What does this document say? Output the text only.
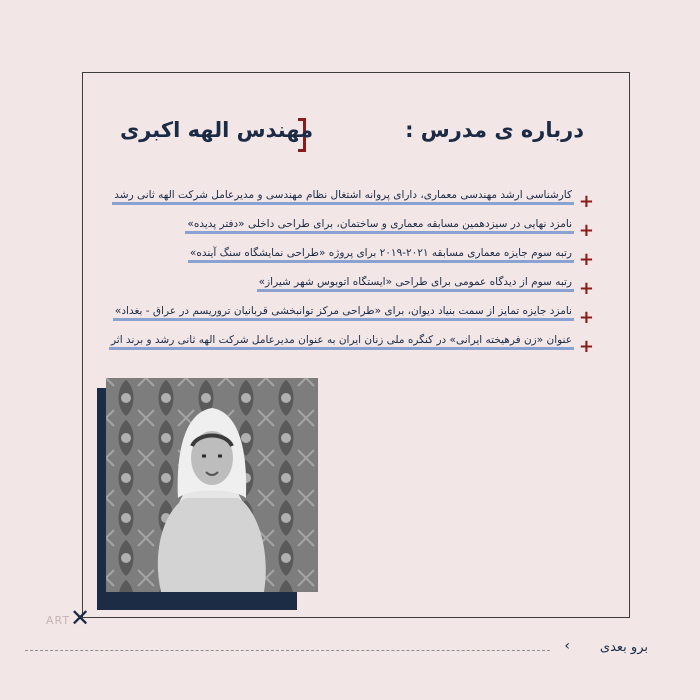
درباره ی مدرس :
مهندس الهه اکبری
+
کارشناسی ارشد مهندسی معماری، دارای پروانه اشتغال نظام مهندسی و مدیرعامل شرکت الهه ثانی رشد
+
نامزد نهایی در سیزدهمین مسابقه معماری و ساختمان، برای طراحی داخلی «دفتر پدیده»
+
رتبه سوم جایزه معماری مسابقه ۲۰۲۱-۲۰۱۹ برای پروژه «طراحی نمایشگاه سنگ آینده»
+
رتبه سوم از دیدگاه عمومی برای طراحی «ایستگاه اتوبوس شهر شیراز»
+
نامزد جایزه تمایز از سمت بنیاد دیوان، برای «طراحی مرکز توانبخشی قربانیان تروریسم در عراق - بغداد»
+
عنوان «زن فرهیخته ایرانی» در کنگره ملی زنان ایران به عنوان مدیرعامل شرکت الهه ثانی رشد و برند اثر
✕
ART
‹ برو بعدی
